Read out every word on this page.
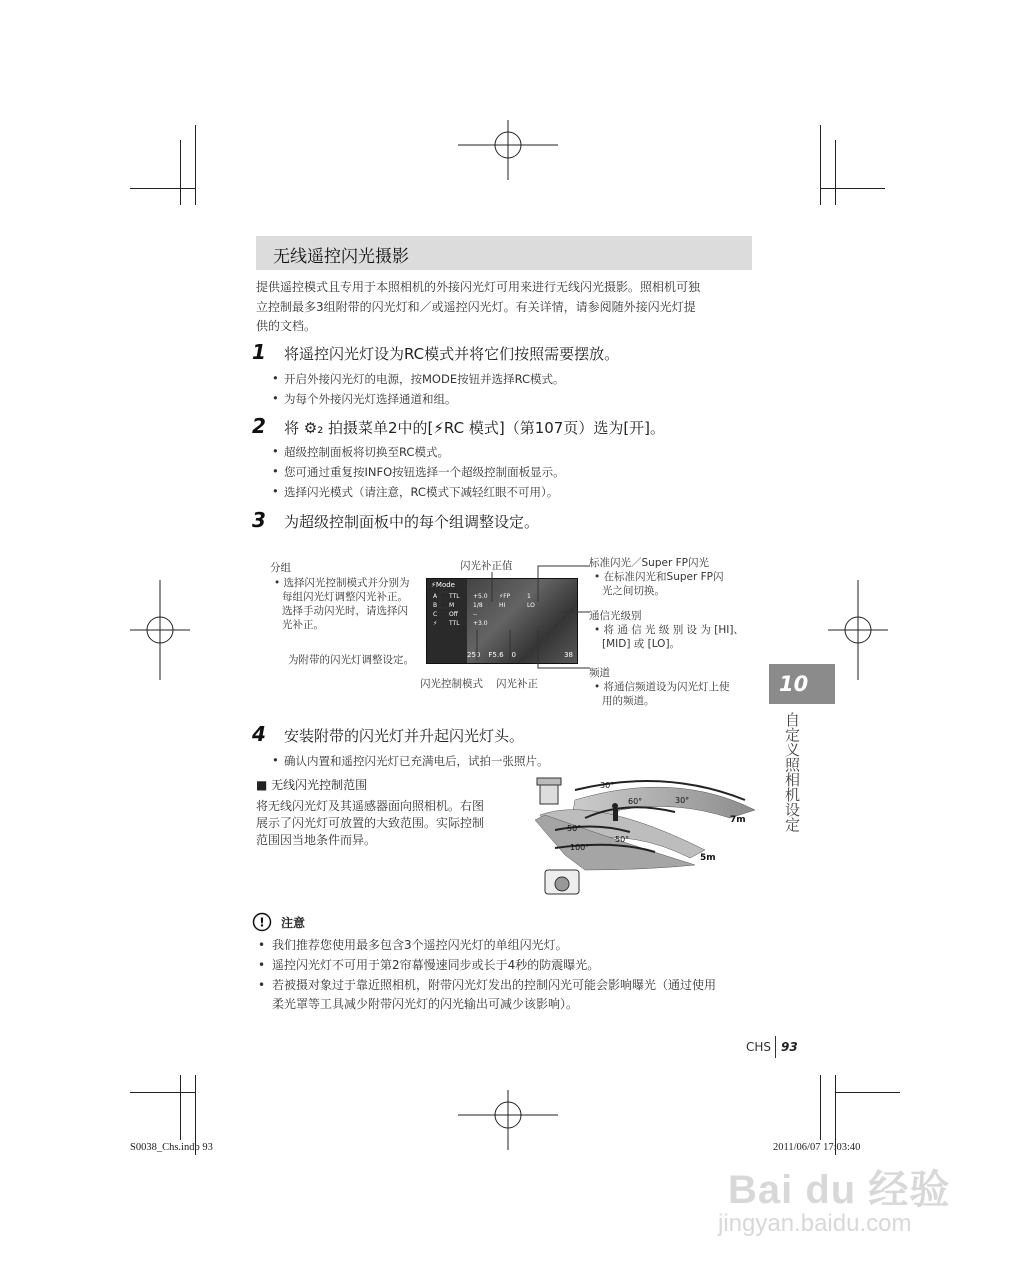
无线遥控闪光摄影
提供遥控模式且专用于本照相机的外接闪光灯可用来进行无线闪光摄影。照相机可独
立控制最多3组附带的闪光灯和／或遥控闪光灯。有关详情，请参阅随外接闪光灯提
供的文档。
1 将遥控闪光灯设为RC模式并将它们按照需要摆放。
• 开启外接闪光灯的电源，按MODE按钮并选择RC模式。
• 为每个外接闪光灯选择通道和组。
2 将 ⚙₂ 拍摄菜单2中的[⚡RC 模式]（第107页）选为[开]。
• 超级控制面板将切换至RC模式。
• 您可通过重复按INFO按钮选择一个超级控制面板显示。
• 选择闪光模式（请注意，RC模式下减轻红眼不可用）。
3 为超级控制面板中的每个组调整设定。
分组
• 选择闪光控制模式并分别为
每组闪光灯调整闪光补正。
选择手动闪光时，请选择闪
光补正。
为附带的闪光灯调整设定。
⚡Mode
A	TTL	+5.0	⚡FP	1
B	M	1/8	HI	LO
C	Off	--
⚡	TTL	+3.0
250 F5.6 0	38
闪光补正值
闪光控制模式 闪光补正
标准闪光／Super FP闪光
• 在标准闪光和Super FP闪
光之间切换。
通信光级别
• 将 通 信 光 级 别 设 为 [HI]、
[MID] 或 [LO]。
频道
• 将通信频道设为闪光灯上使
用的频道。
10
自定义照相机设定
4 安装附带的闪光灯并升起闪光灯头。
• 确认内置和遥控闪光灯已充满电后，试拍一张照片。
■ 无线闪光控制范围
将无线闪光灯及其遥感器面向照相机。右图
展示了闪光灯可放置的大致范围。实际控制
范围因当地条件而异。
30°
60°	30°
50°
100°
50°
7m
5m
! 注意
• 我们推荐您使用最多包含3个遥控闪光灯的单组闪光灯。
• 遥控闪光灯不可用于第2帘幕慢速同步或长于4秒的防震曝光。
• 若被摄对象过于靠近照相机，附带闪光灯发出的控制闪光可能会影响曝光（通过使用
柔光罩等工具减少附带闪光灯的闪光输出可减少该影响）。
CHS 93
S0038_Chs.indb 93	2011/06/07 17:03:40
Bai du 经验
jingyan.baidu.com
